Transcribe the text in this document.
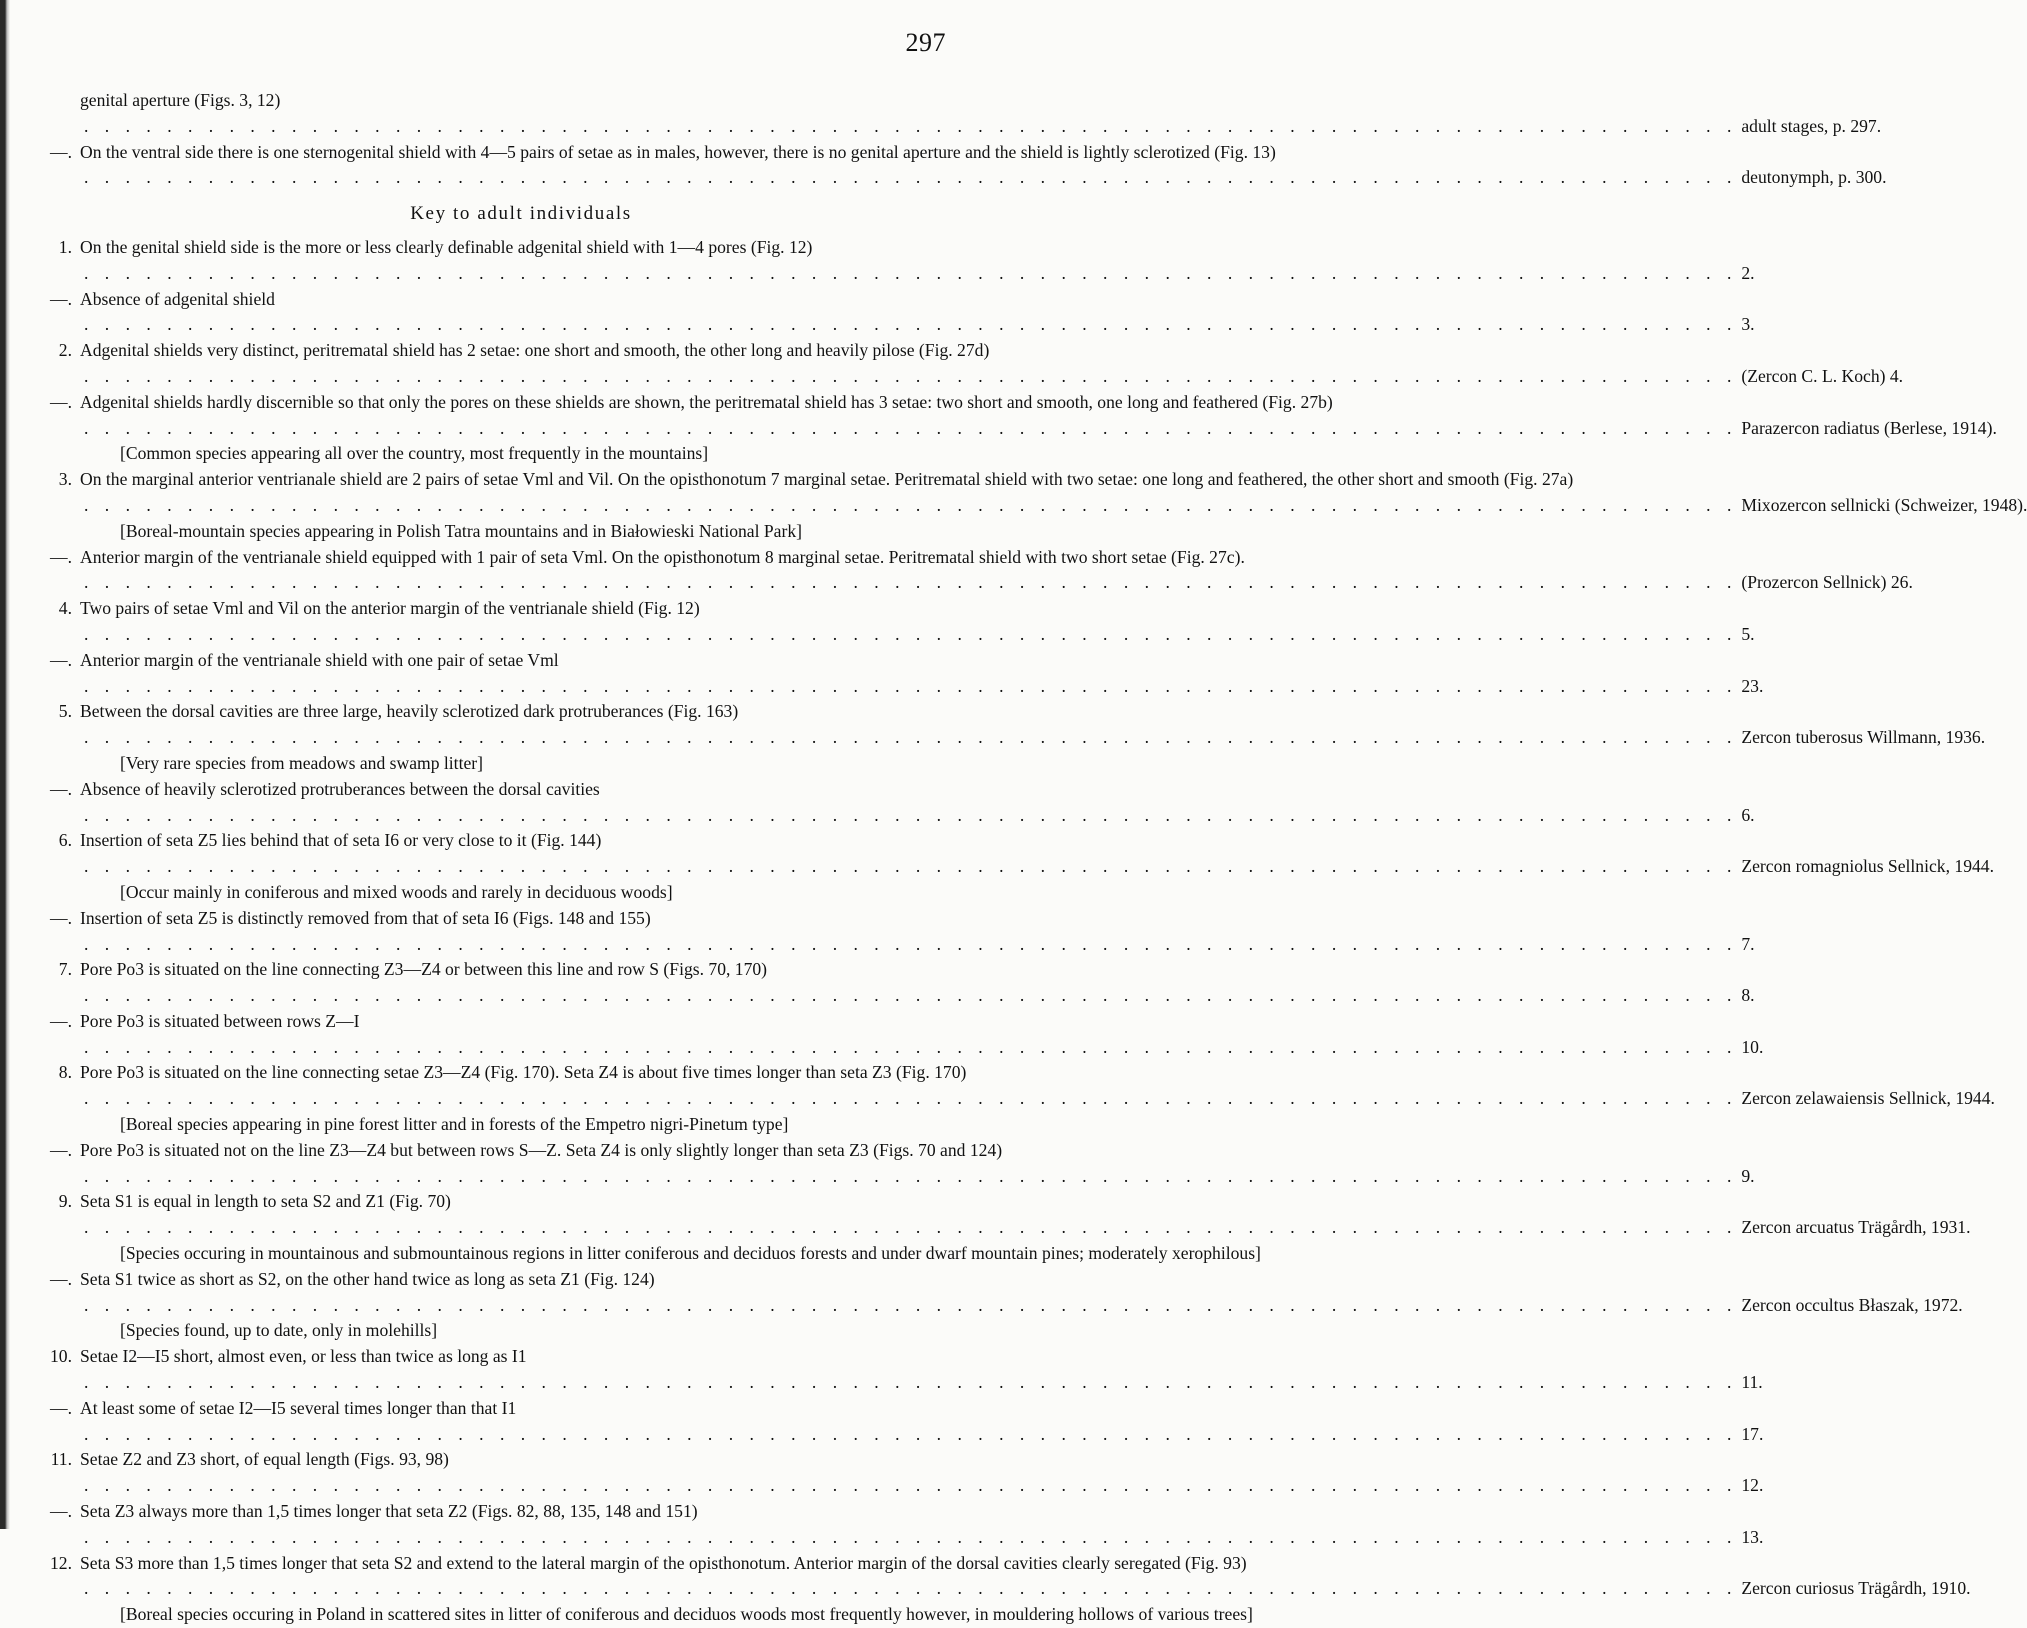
297
genital aperture (Figs. 3, 12)
. . . . . . . . . . . . . . . . . . . . . . . . . . . . . . . . . . . . . . . . . . . . . . . . . . . . . . . . . . . . . . . . . . . . . . . . . . . . . . . . adult stages, p. 297.
—. On the ventral side there is one sternogenital shield with 4—5 pairs of setae as in males, however, there is no genital aperture and the shield is lightly sclerotized (Fig. 13)
. . . . . . . . . . . . . . . . . . . . . . . . . . . . . . . . . . . . . . . . . . . . . . . . . . . . . . . . . . . . . . . . . . . . . . . . . . . . . . . . deutonymph, p. 300.
Key to adult individuals
1. On the genital shield side is the more or less clearly definable adgenital shield with 1—4 pores (Fig. 12)
. . . . . . . . . . . . . . . . . . . . . . . . . . . . . . . . . . . . . . . . . . . . . . . . . . . . . . . . . . . . . . . . . . . . . . . . . . . . . . . . 2.
—. Absence of adgenital shield
. . . . . . . . . . . . . . . . . . . . . . . . . . . . . . . . . . . . . . . . . . . . . . . . . . . . . . . . . . . . . . . . . . . . . . . . . . . . . . . . 3.
2. Adgenital shields very distinct, peritrematal shield has 2 setae: one short and smooth, the other long and heavily pilose (Fig. 27d)
. . . . . . . . . . . . . . . . . . . . . . . . . . . . . . . . . . . . . . . . . . . . . . . . . . . . . . . . . . . . . . . . . . . . . . . . . . . . . . . . (Zercon C. L. Koch) 4.
—. Adgenital shields hardly discernible so that only the pores on these shields are shown, the peritrematal shield has 3 setae: two short and smooth, one long and feathered (Fig. 27b)
. . . . . . . . . . . . . . . . . . . . . . . . . . . . . . . . . . . . . . . . . . . . . . . . . . . . . . . . . . . . . . . . . . . . . . . . . . . . . . . . Parazercon radiatus (Berlese, 1914).
[Common species appearing all over the country, most frequently in the mountains]
3. On the marginal anterior ventrianale shield are 2 pairs of setae Vml and Vil. On the opisthonotum 7 marginal setae. Peritrematal shield with two setae: one long and feathered, the other short and smooth (Fig. 27a)
. . . . . . . . . . . . . . . . . . . . . . . . . . . . . . . . . . . . . . . . . . . . . . . . . . . . . . . . . . . . . . . . . . . . . . . . . . . . . . . . Mixozercon sellnicki (Schweizer, 1948).
[Boreal-mountain species appearing in Polish Tatra mountains and in Białowieski National Park]
—. Anterior margin of the ventrianale shield equipped with 1 pair of seta Vml. On the opisthonotum 8 marginal setae. Peritrematal shield with two short setae (Fig. 27c).
. . . . . . . . . . . . . . . . . . . . . . . . . . . . . . . . . . . . . . . . . . . . . . . . . . . . . . . . . . . . . . . . . . . . . . . . . . . . . . . . (Prozercon Sellnick) 26.
4. Two pairs of setae Vml and Vil on the anterior margin of the ventrianale shield (Fig. 12)
. . . . . . . . . . . . . . . . . . . . . . . . . . . . . . . . . . . . . . . . . . . . . . . . . . . . . . . . . . . . . . . . . . . . . . . . . . . . . . . . 5.
—. Anterior margin of the ventrianale shield with one pair of setae Vml
. . . . . . . . . . . . . . . . . . . . . . . . . . . . . . . . . . . . . . . . . . . . . . . . . . . . . . . . . . . . . . . . . . . . . . . . . . . . . . . . 23.
5. Between the dorsal cavities are three large, heavily sclerotized dark protruberances (Fig. 163)
. . . . . . . . . . . . . . . . . . . . . . . . . . . . . . . . . . . . . . . . . . . . . . . . . . . . . . . . . . . . . . . . . . . . . . . . . . . . . . . . Zercon tuberosus Willmann, 1936.
[Very rare species from meadows and swamp litter]
—. Absence of heavily sclerotized protruberances between the dorsal cavities
. . . . . . . . . . . . . . . . . . . . . . . . . . . . . . . . . . . . . . . . . . . . . . . . . . . . . . . . . . . . . . . . . . . . . . . . . . . . . . . . 6.
6. Insertion of seta Z5 lies behind that of seta I6 or very close to it (Fig. 144)
. . . . . . . . . . . . . . . . . . . . . . . . . . . . . . . . . . . . . . . . . . . . . . . . . . . . . . . . . . . . . . . . . . . . . . . . . . . . . . . . Zercon romagniolus Sellnick, 1944.
[Occur mainly in coniferous and mixed woods and rarely in deciduous woods]
—. Insertion of seta Z5 is distinctly removed from that of seta I6 (Figs. 148 and 155)
. . . . . . . . . . . . . . . . . . . . . . . . . . . . . . . . . . . . . . . . . . . . . . . . . . . . . . . . . . . . . . . . . . . . . . . . . . . . . . . . 7.
7. Pore Po3 is situated on the line connecting Z3—Z4 or between this line and row S (Figs. 70, 170)
. . . . . . . . . . . . . . . . . . . . . . . . . . . . . . . . . . . . . . . . . . . . . . . . . . . . . . . . . . . . . . . . . . . . . . . . . . . . . . . . 8.
—. Pore Po3 is situated between rows Z—I
. . . . . . . . . . . . . . . . . . . . . . . . . . . . . . . . . . . . . . . . . . . . . . . . . . . . . . . . . . . . . . . . . . . . . . . . . . . . . . . . 10.
8. Pore Po3 is situated on the line connecting setae Z3—Z4 (Fig. 170). Seta Z4 is about five times longer than seta Z3 (Fig. 170)
. . . . . . . . . . . . . . . . . . . . . . . . . . . . . . . . . . . . . . . . . . . . . . . . . . . . . . . . . . . . . . . . . . . . . . . . . . . . . . . . Zercon zelawaiensis Sellnick, 1944.
[Boreal species appearing in pine forest litter and in forests of the Empetro nigri-Pinetum type]
—. Pore Po3 is situated not on the line Z3—Z4 but between rows S—Z. Seta Z4 is only slightly longer than seta Z3 (Figs. 70 and 124)
. . . . . . . . . . . . . . . . . . . . . . . . . . . . . . . . . . . . . . . . . . . . . . . . . . . . . . . . . . . . . . . . . . . . . . . . . . . . . . . . 9.
9. Seta S1 is equal in length to seta S2 and Z1 (Fig. 70)
. . . . . . . . . . . . . . . . . . . . . . . . . . . . . . . . . . . . . . . . . . . . . . . . . . . . . . . . . . . . . . . . . . . . . . . . . . . . . . . . Zercon arcuatus Trägårdh, 1931.
[Species occuring in mountainous and submountainous regions in litter coniferous and deciduos forests and under dwarf mountain pines; moderately xerophilous]
—. Seta S1 twice as short as S2, on the other hand twice as long as seta Z1 (Fig. 124)
. . . . . . . . . . . . . . . . . . . . . . . . . . . . . . . . . . . . . . . . . . . . . . . . . . . . . . . . . . . . . . . . . . . . . . . . . . . . . . . . Zercon occultus Błaszak, 1972.
[Species found, up to date, only in molehills]
10. Setae I2—I5 short, almost even, or less than twice as long as I1
. . . . . . . . . . . . . . . . . . . . . . . . . . . . . . . . . . . . . . . . . . . . . . . . . . . . . . . . . . . . . . . . . . . . . . . . . . . . . . . . 11.
—. At least some of setae I2—I5 several times longer than that I1
. . . . . . . . . . . . . . . . . . . . . . . . . . . . . . . . . . . . . . . . . . . . . . . . . . . . . . . . . . . . . . . . . . . . . . . . . . . . . . . . 17.
11. Setae Z2 and Z3 short, of equal length (Figs. 93, 98)
. . . . . . . . . . . . . . . . . . . . . . . . . . . . . . . . . . . . . . . . . . . . . . . . . . . . . . . . . . . . . . . . . . . . . . . . . . . . . . . . 12.
—. Seta Z3 always more than 1,5 times longer that seta Z2 (Figs. 82, 88, 135, 148 and 151)
. . . . . . . . . . . . . . . . . . . . . . . . . . . . . . . . . . . . . . . . . . . . . . . . . . . . . . . . . . . . . . . . . . . . . . . . . . . . . . . . 13.
12. Seta S3 more than 1,5 times longer that seta S2 and extend to the lateral margin of the opisthonotum. Anterior margin of the dorsal cavities clearly seregated (Fig. 93)
. . . . . . . . . . . . . . . . . . . . . . . . . . . . . . . . . . . . . . . . . . . . . . . . . . . . . . . . . . . . . . . . . . . . . . . . . . . . . . . . Zercon curiosus Trägårdh, 1910.
[Boreal species occuring in Poland in scattered sites in litter of coniferous and deciduos woods most frequently however, in mouldering hollows of various trees]
